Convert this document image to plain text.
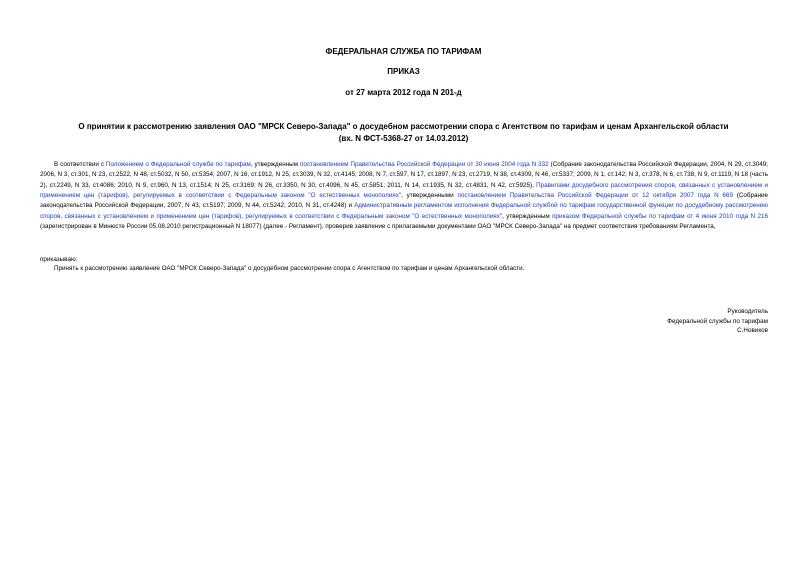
ФЕДЕРАЛЬНАЯ СЛУЖБА ПО ТАРИФАМ
ПРИКАЗ
от 27 марта 2012 года N 201-д
О принятии к рассмотрению заявления ОАО "МРСК Северо-Запада" о досудебном рассмотрении спора с Агентством по тарифам и ценам Архангельской области
(вх. N ФСТ-5368-27 от 14.03.2012)
В соответствии с Положением о Федеральной службе по тарифам, утвержденным постановлением Правительства Российской Федерации от 30 июня 2004 года N 332 (Собрание законодательства Российской Федерации, 2004, N 29, ст.3049; 2006, N 3, ст.301, N 23, ст.2522, N 48, ст.5032, N 50, ст.5354; 2007, N 16, ст.1912, N 25, ст.3039, N 32, ст.4145; 2008, N 7, ст.597, N 17, ст.1897, N 23, ст.2719, N 38, ст.4309, N 46, ст.5337; 2009, N 1, ст.142; N 3, ст.378, N 6, ст.738, N 9, ст.1119, N 18 (часть 2), ст.2249, N 33, ст.4086; 2010, N 9, ст.960, N 13, ст.1514; N 25, ст.3169; N 26, ст.3350, N 30, ст.4096, N 45, ст.5851; 2011, N 14, ст.1935, N 32, ст.4831, N 42, ст.5925), Правилами досудебного рассмотрения споров, связанных с установлением и применением цен (тарифов), регулируемых в соответствии с Федеральным законом "О естественных монополиях", утвержденными постановлением Правительства Российской Федерации от 12 октября 2007 года N 669 (Собрание законодательства Российской Федерации, 2007, N 43, ст.5197; 2009, N 44, ст.5242; 2010, N 31, ст.4248) и Административным регламентом исполнения Федеральной службой по тарифам государственной функции по досудебному рассмотрению споров, связанных с установлением и применением цен (тарифов), регулируемых в соответствии с Федеральным законом "О естественных монополиях", утвержденным приказом Федеральной службы по тарифам от 4 июня 2010 года N 216 (зарегистрирован в Минюсте России 05.08.2010 регистрационный N 18077) (далее - Регламент), проверив заявление с прилагаемыми документами ОАО "МРСК Северо-Запада" на предмет соответствия требованиям Регламента,
приказываю:
Принять к рассмотрению заявление ОАО "МРСК Северо-Запада" о досудебном рассмотрении спора с Агентством по тарифам и ценам Архангельской области.
Руководитель
Федеральной службы по тарифам
С.Новиков
